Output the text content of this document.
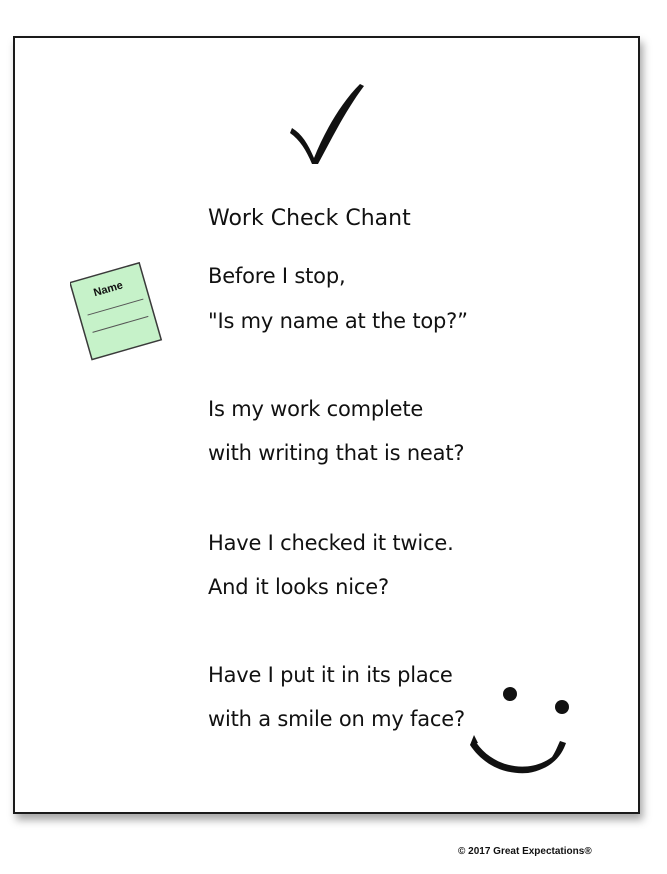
Name
Work Check Chant
Before I stop,
"Is my name at the top?”
Is my work complete
with writing that is neat?
Have I checked it twice.
And it looks nice?
Have I put it in its place
with a smile on my face?
© 2017 Great Expectations®
